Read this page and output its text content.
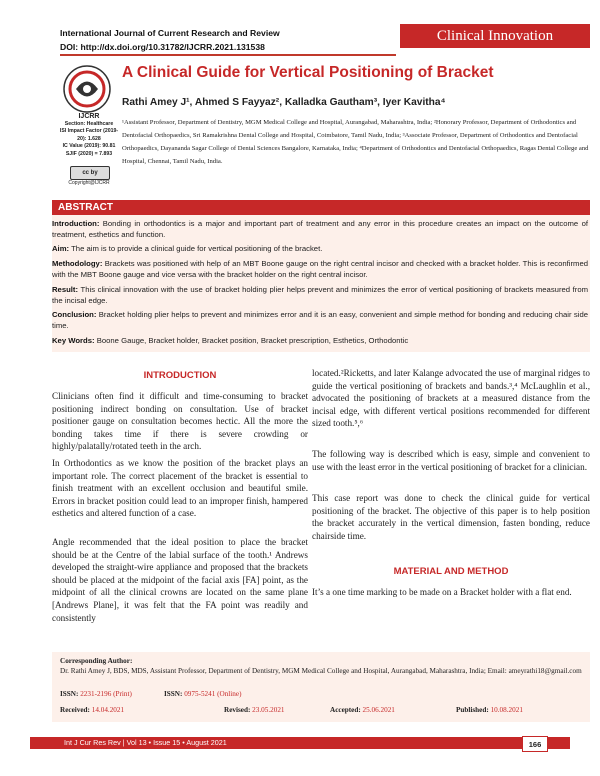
International Journal of Current Research and Review
DOI: http://dx.doi.org/10.31782/IJCRR.2021.131538
Clinical Innovation
IJCRR
Section: Healthcare
ISI Impact Factor (2019-20): 1.628
IC Value (2019): 90.81
SJIF (2020) = 7.893
cc by
Copyright@IJCRR
A Clinical Guide for Vertical Positioning of Bracket
Rathi Amey J¹, Ahmed S Fayyaz², Kalladka Gautham³, Iyer Kavitha⁴
¹Assistant Professor, Department of Dentistry, MGM Medical College and Hospital, Aurangabad, Maharashtra, India; ²Honorary Professor, Department of Orthodontics and Dentofacial Orthopaedics, Sri Ramakrishna Dental College and Hospital, Coimbatore, Tamil Nadu, India; ³Associate Professor, Department of Orthodontics and Dentofacial Orthopaedics, Dayananda Sagar College of Dental Sciences Bangalore, Karnataka, India; ⁴Department of Orthodontics and Dentofacial Orthopaedics, Ragas Dental College and Hospital, Chennai, Tamil Nadu, India.
ABSTRACT
Introduction: Bonding in orthodontics is a major and important part of treatment and any error in this procedure creates an impact on the outcome of treatment, esthetics and function.
Aim: The aim is to provide a clinical guide for vertical positioning of the bracket.
Methodology: Brackets was positioned with help of an MBT Boone gauge on the right central incisor and checked with a bracket holder. This is reconfirmed with the MBT Boone gauge and vice versa with the bracket holder on the right central incisor.
Result: This clinical innovation with the use of bracket holding plier helps prevent and minimizes the error of vertical positioning of brackets measured from the incisal edge.
Conclusion: Bracket holding plier helps to prevent and minimizes error and it is an easy, convenient and simple method for bonding and reducing chair side time.
Key Words: Boone Gauge, Bracket holder, Bracket position, Bracket prescription, Esthetics, Orthodontic
INTRODUCTION
Clinicians often find it difficult and time-consuming to bracket positioning indirect bonding on consultation. Use of bracket positioner gauge on consultation becomes hectic. All the more the bonding takes time if there is severe crowding or highly/palatally/rotated teeth in the arch.
In Orthodontics as we know the position of the bracket plays an important role. The correct placement of the bracket is essential to finish treatment with an excellent occlusion and beautiful smile. Errors in bracket position could lead to an improper finish, hampered esthetics and altered function of a case.
Angle recommended that the ideal position to place the bracket should be at the Centre of the labial surface of the tooth.¹ Andrews developed the straight-wire appliance and proposed that the brackets should be placed at the midpoint of the facial axis [FA] point, as the midpoint of all the clinical crowns are located on the same plane [Andrews Plane], it was felt that the FA point was readily and consistently
located.²Ricketts, and later Kalange advocated the use of marginal ridges to guide the vertical positioning of brackets and bands.³,⁴ McLaughlin et al., advocated the positioning of brackets at a measured distance from the incisal edge, with different vertical positions recommended for different sized tooth.⁵,⁶
The following way is described which is easy, simple and convenient to use with the least error in the vertical positioning of bracket for a clinician.
This case report was done to check the clinical guide for vertical positioning of the bracket. The objective of this paper is to help position the bracket accurately in the vertical dimension, fasten bonding, reduce chairside time.
MATERIAL AND METHOD
It’s a one time marking to be made on a Bracket holder with a flat end.
Corresponding Author:
Dr. Rathi Amey J, BDS, MDS, Assistant Professor, Department of Dentistry, MGM Medical College and Hospital, Aurangabad, Maharashtra, India; Email: ameyrathi18@gmail.com
ISSN: 2231-2196 (Print)	ISSN: 0975-5241 (Online)
Received: 14.04.2021	Revised: 23.05.2021	Accepted: 25.06.2021	Published: 10.08.2021
Int J Cur Res Rev | Vol 13 • Issue 15 • August 2021	166
